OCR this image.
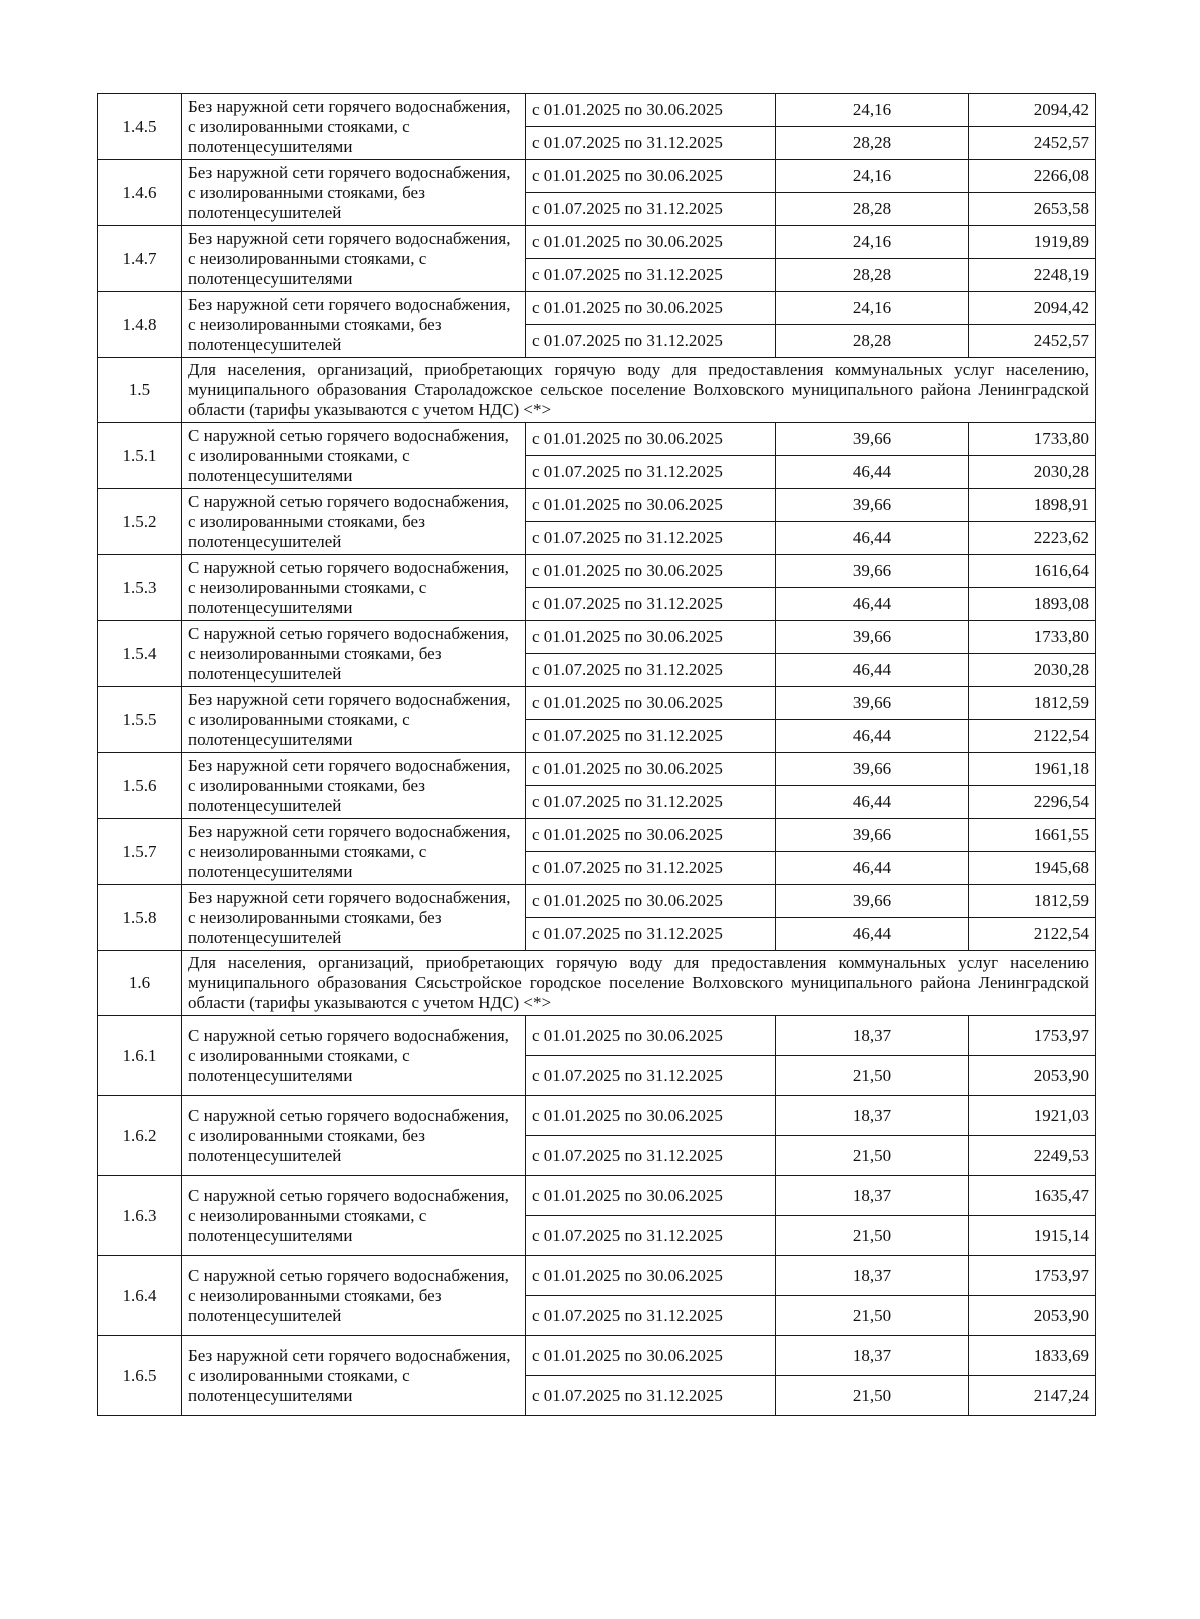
1.4.5	Без наружной сети горячего водоснабжения, с изолированными стояками, с полотенцесушителями	с 01.01.2025 по 30.06.2025	24,16	2094,42
		с 01.07.2025 по 31.12.2025	28,28	2452,57
1.4.6	Без наружной сети горячего водоснабжения, с изолированными стояками, без полотенцесушителей	с 01.01.2025 по 30.06.2025	24,16	2266,08
		с 01.07.2025 по 31.12.2025	28,28	2653,58
1.4.7	Без наружной сети горячего водоснабжения, с неизолированными стояками, с полотенцесушителями	с 01.01.2025 по 30.06.2025	24,16	1919,89
		с 01.07.2025 по 31.12.2025	28,28	2248,19
1.4.8	Без наружной сети горячего водоснабжения, с неизолированными стояками, без полотенцесушителей	с 01.01.2025 по 30.06.2025	24,16	2094,42
		с 01.07.2025 по 31.12.2025	28,28	2452,57
1.5	Для населения, организаций, приобретающих горячую воду для предоставления коммунальных услуг населению, муниципального образования Староладожское сельское поселение Волховского муниципального района Ленинградской области (тарифы указываются с учетом НДС) <*>			
1.5.1	С наружной сетью горячего водоснабжения, с изолированными стояками, с полотенцесушителями	с 01.01.2025 по 30.06.2025	39,66	1733,80
		с 01.07.2025 по 31.12.2025	46,44	2030,28
1.5.2	С наружной сетью горячего водоснабжения, с изолированными стояками, без полотенцесушителей	с 01.01.2025 по 30.06.2025	39,66	1898,91
		с 01.07.2025 по 31.12.2025	46,44	2223,62
1.5.3	С наружной сетью горячего водоснабжения, с неизолированными стояками, с полотенцесушителями	с 01.01.2025 по 30.06.2025	39,66	1616,64
		с 01.07.2025 по 31.12.2025	46,44	1893,08
1.5.4	С наружной сетью горячего водоснабжения, с неизолированными стояками, без полотенцесушителей	с 01.01.2025 по 30.06.2025	39,66	1733,80
		с 01.07.2025 по 31.12.2025	46,44	2030,28
1.5.5	Без наружной сети горячего водоснабжения, с изолированными стояками, с полотенцесушителями	с 01.01.2025 по 30.06.2025	39,66	1812,59
		с 01.07.2025 по 31.12.2025	46,44	2122,54
1.5.6	Без наружной сети горячего водоснабжения, с изолированными стояками, без полотенцесушителей	с 01.01.2025 по 30.06.2025	39,66	1961,18
		с 01.07.2025 по 31.12.2025	46,44	2296,54
1.5.7	Без наружной сети горячего водоснабжения, с неизолированными стояками, с полотенцесушителями	с 01.01.2025 по 30.06.2025	39,66	1661,55
		с 01.07.2025 по 31.12.2025	46,44	1945,68
1.5.8	Без наружной сети горячего водоснабжения, с неизолированными стояками, без полотенцесушителей	с 01.01.2025 по 30.06.2025	39,66	1812,59
		с 01.07.2025 по 31.12.2025	46,44	2122,54
1.6	Для населения, организаций, приобретающих горячую воду для предоставления коммунальных услуг населению муниципального образования Сясьстройское городское поселение Волховского муниципального района Ленинградской области (тарифы указываются с учетом НДС) <*>			
1.6.1	С наружной сетью горячего водоснабжения, с изолированными стояками, с полотенцесушителями	с 01.01.2025 по 30.06.2025	18,37	1753,97
		с 01.07.2025 по 31.12.2025	21,50	2053,90
1.6.2	С наружной сетью горячего водоснабжения, с изолированными стояками, без полотенцесушителей	с 01.01.2025 по 30.06.2025	18,37	1921,03
		с 01.07.2025 по 31.12.2025	21,50	2249,53
1.6.3	С наружной сетью горячего водоснабжения, с неизолированными стояками, с полотенцесушителями	с 01.01.2025 по 30.06.2025	18,37	1635,47
		с 01.07.2025 по 31.12.2025	21,50	1915,14
1.6.4	С наружной сетью горячего водоснабжения, с неизолированными стояками, без полотенцесушителей	с 01.01.2025 по 30.06.2025	18,37	1753,97
		с 01.07.2025 по 31.12.2025	21,50	2053,90
1.6.5	Без наружной сети горячего водоснабжения, с изолированными стояками, с полотенцесушителями	с 01.01.2025 по 30.06.2025	18,37	1833,69
		с 01.07.2025 по 31.12.2025	21,50	2147,24
